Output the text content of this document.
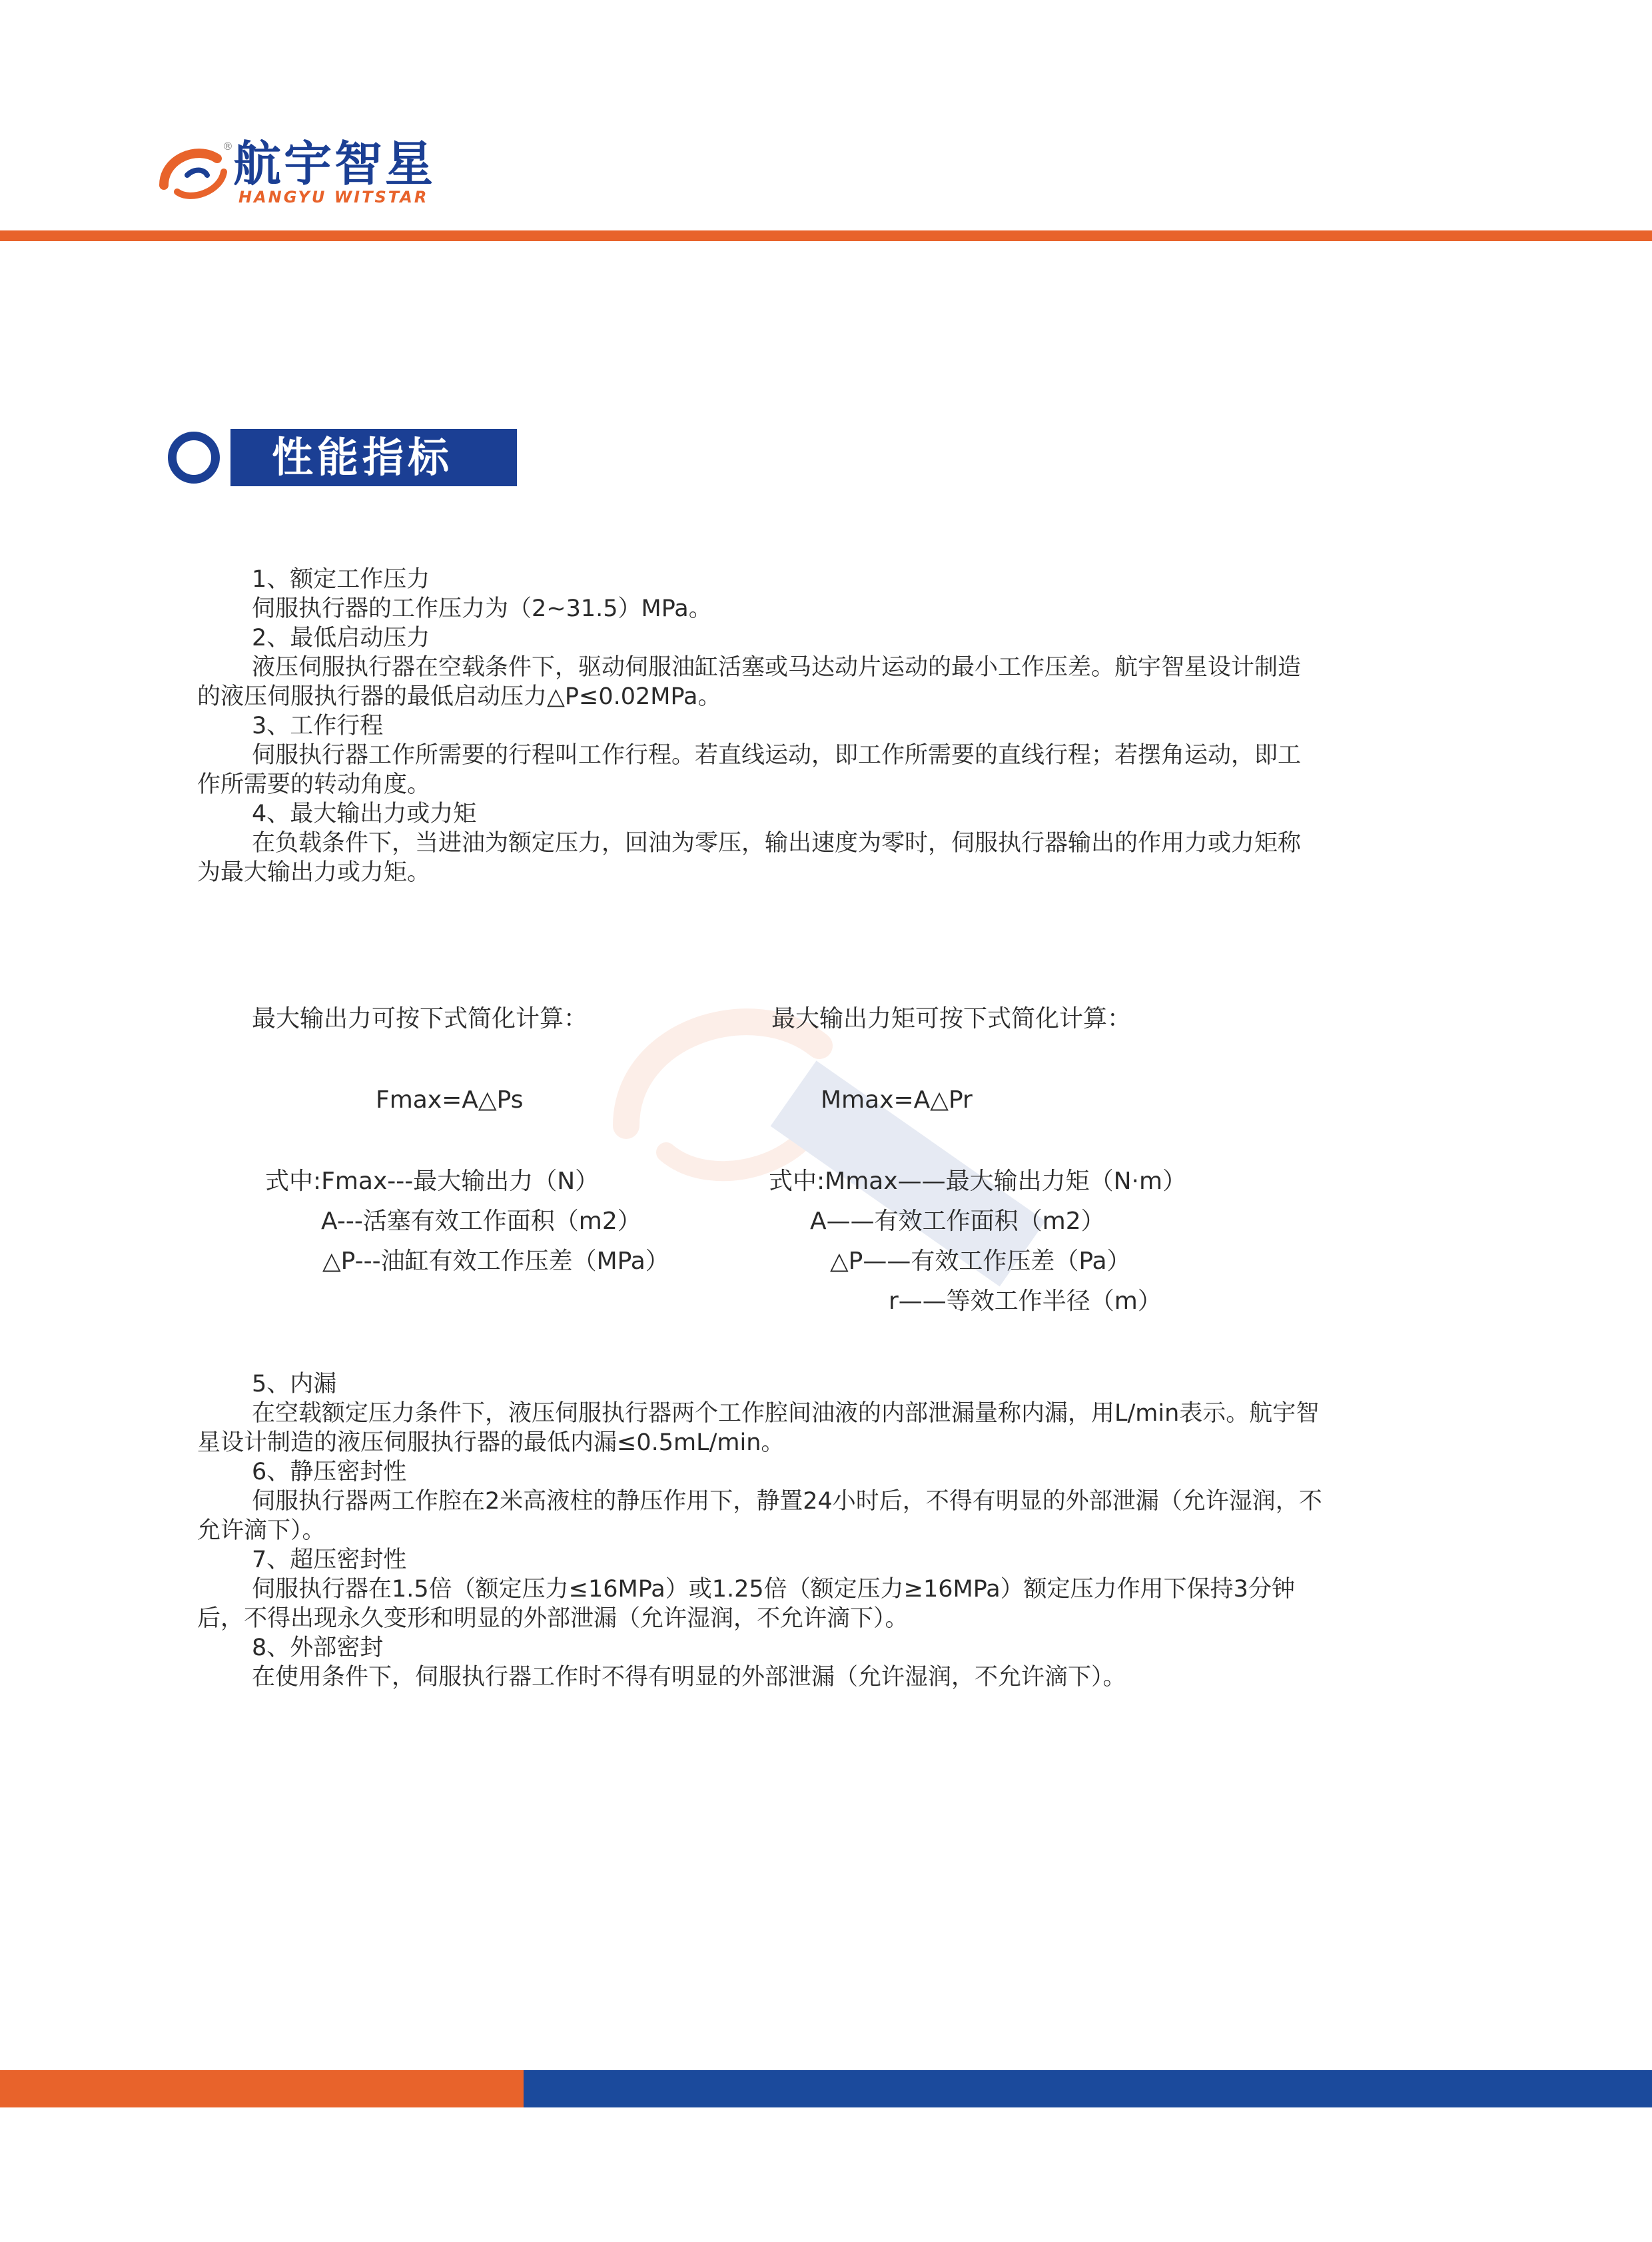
® 航宇智星
HANGYU WITSTAR
性能指标
1、额定工作压力
伺服执行器的工作压力为（2~31.5）MPa。
2、最低启动压力
液压伺服执行器在空载条件下，驱动伺服油缸活塞或马达动片运动的最小工作压差。航宇智星设计制造
的液压伺服执行器的最低启动压力△P≤0.02MPa。
3、工作行程
伺服执行器工作所需要的行程叫工作行程。若直线运动，即工作所需要的直线行程；若摆角运动，即工
作所需要的转动角度。
4、最大输出力或力矩
在负载条件下，当进油为额定压力，回油为零压，输出速度为零时，伺服执行器输出的作用力或力矩称
为最大输出力或力矩。
最大输出力可按下式简化计算：	最大输出力矩可按下式简化计算：
Fmax=A△Ps	Mmax=A△Pr
式中:Fmax---最大输出力（N）
A---活塞有效工作面积（m2）
△P---油缸有效工作压差（MPa）
式中:Mmax——最大输出力矩（N·m）
A——有效工作面积（m2）
△P——有效工作压差（Pa）
r——等效工作半径（m）
5、内漏
在空载额定压力条件下，液压伺服执行器两个工作腔间油液的内部泄漏量称内漏，用L/min表示。航宇智
星设计制造的液压伺服执行器的最低内漏≤0.5mL/min。
6、静压密封性
伺服执行器两工作腔在2米高液柱的静压作用下，静置24小时后，不得有明显的外部泄漏（允许湿润，不
允许滴下）。
7、超压密封性
伺服执行器在1.5倍（额定压力≤16MPa）或1.25倍（额定压力≥16MPa）额定压力作用下保持3分钟
后，不得出现永久变形和明显的外部泄漏（允许湿润，不允许滴下）。
8、外部密封
在使用条件下，伺服执行器工作时不得有明显的外部泄漏（允许湿润，不允许滴下）。
